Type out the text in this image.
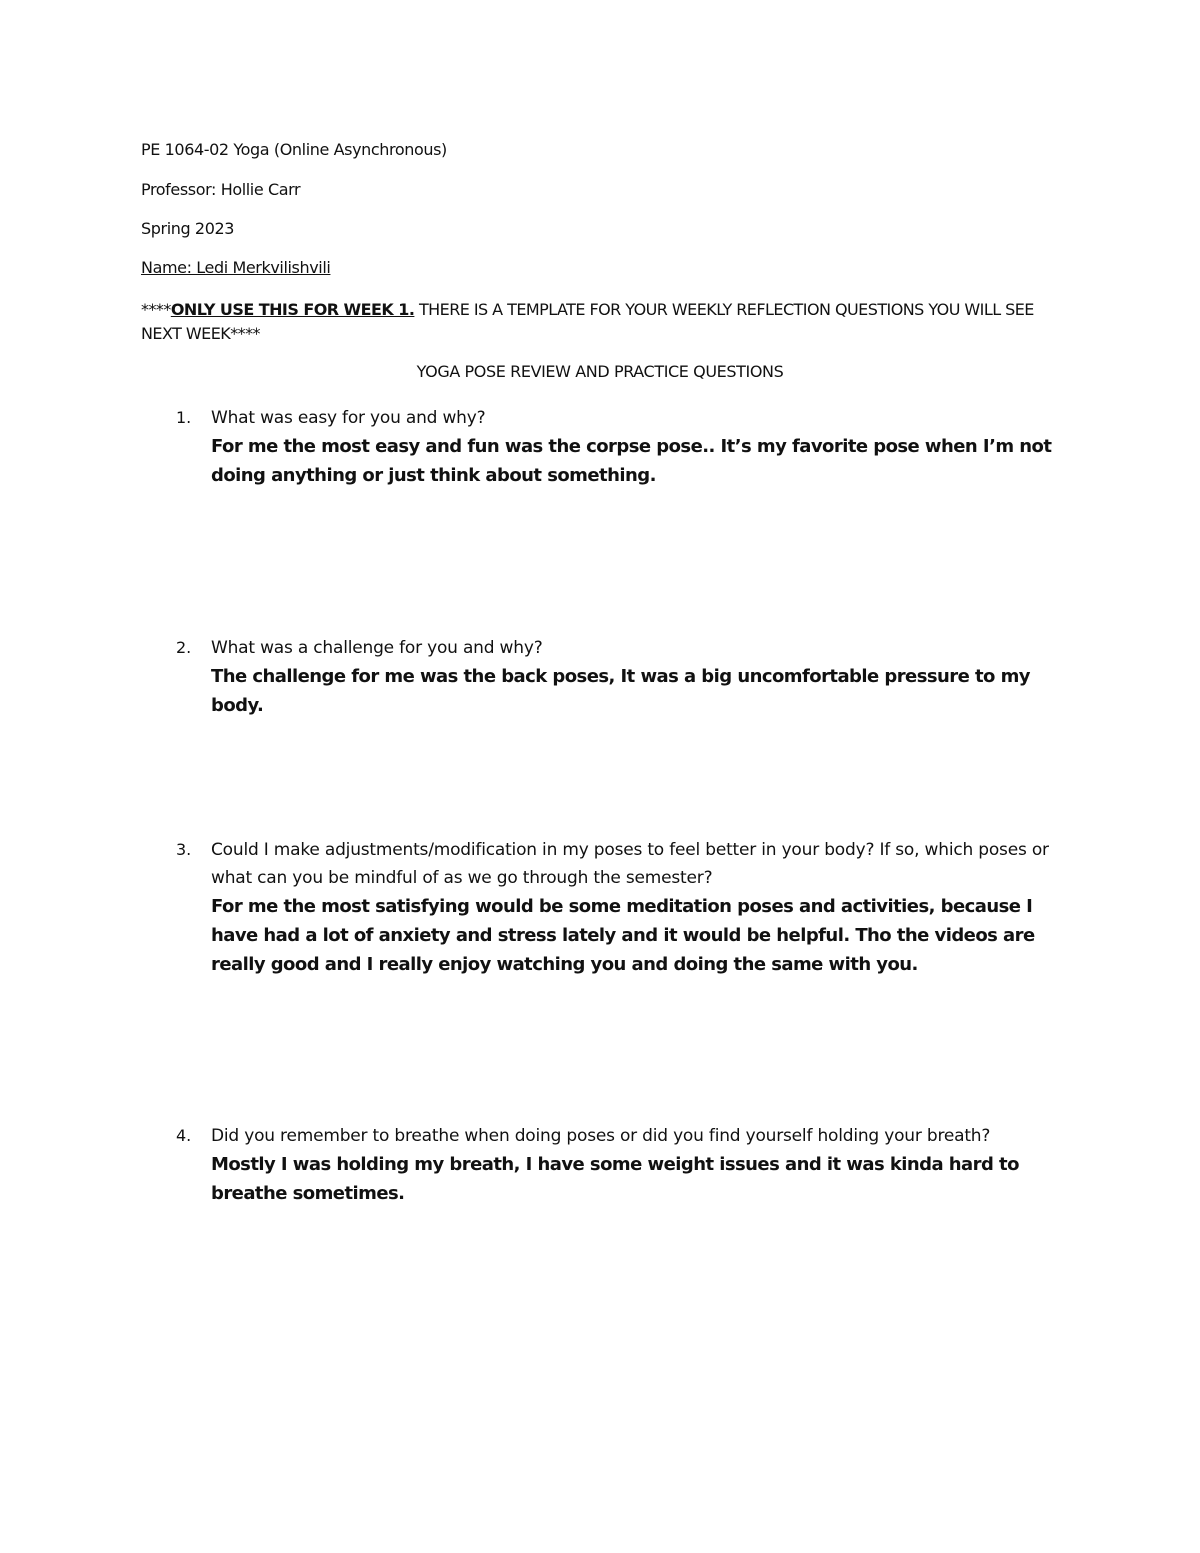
PE 1064-02 Yoga (Online Asynchronous)
Professor: Hollie Carr
Spring 2023
Name: Ledi Merkvilishvili
****ONLY USE THIS FOR WEEK 1. THERE IS A TEMPLATE FOR YOUR WEEKLY REFLECTION QUESTIONS YOU WILL SEE NEXT WEEK****
YOGA POSE REVIEW AND PRACTICE QUESTIONS
1. What was easy for you and why?
For me the most easy and fun was the corpse pose.. It’s my favorite pose when I’m not doing anything or just think about something.
2. What was a challenge for you and why?
The challenge for me was the back poses, It was a big uncomfortable pressure to my body.
3. Could I make adjustments/modification in my poses to feel better in your body? If so, which poses or what can you be mindful of as we go through the semester?
For me the most satisfying would be some meditation poses and activities, because I have had a lot of anxiety and stress lately and it would be helpful. Tho the videos are really good and I really enjoy watching you and doing the same with you.
4. Did you remember to breathe when doing poses or did you find yourself holding your breath?
Mostly I was holding my breath, I have some weight issues and it was kinda hard to breathe sometimes.
